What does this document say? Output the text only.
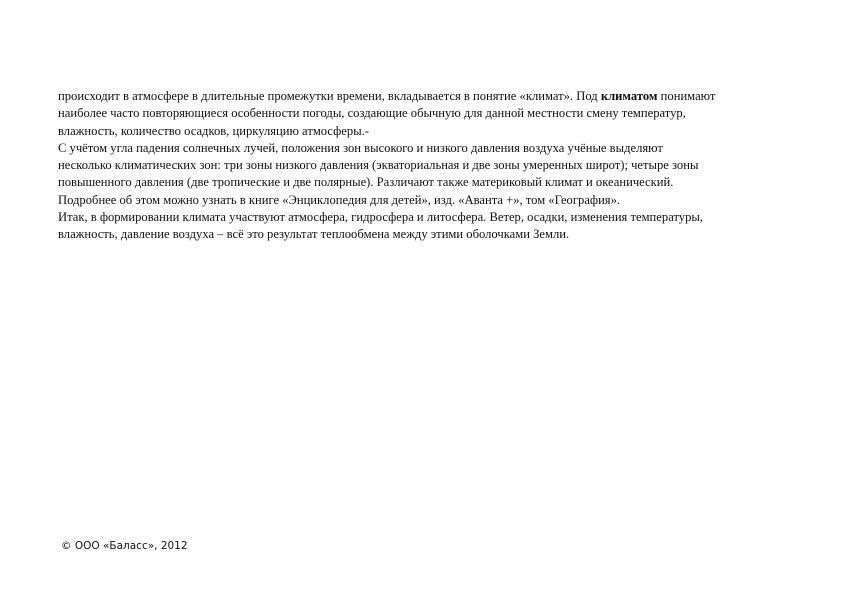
происходит в атмосфере в длительные промежутки времени, вкладывается в понятие «климат». Под климатом понимают
наиболее часто повторяющиеся особенности погоды, создающие обычную для данной местности смену температур,
влажность, количество осадков, циркуляцию атмосферы.-
С учётом угла падения солнечных лучей, положения зон высокого и низкого давления воздуха учёные выделяют
несколько климатических зон: три зоны низкого давления (экваториальная и две зоны умеренных широт); четыре зоны
повышенного давления (две тропические и две полярные). Различают также материковый климат и океанический.
Подробнее об этом можно узнать в книге «Энциклопедия для детей», изд. «Аванта +», том «География».
Итак, в формировании климата участвуют атмосфера, гидросфера и литосфера. Ветер, осадки, изменения температуры,
влажность, давление воздуха – всё это результат теплообмена между этими оболочками Земли.
© ООО «Баласс», 2012
